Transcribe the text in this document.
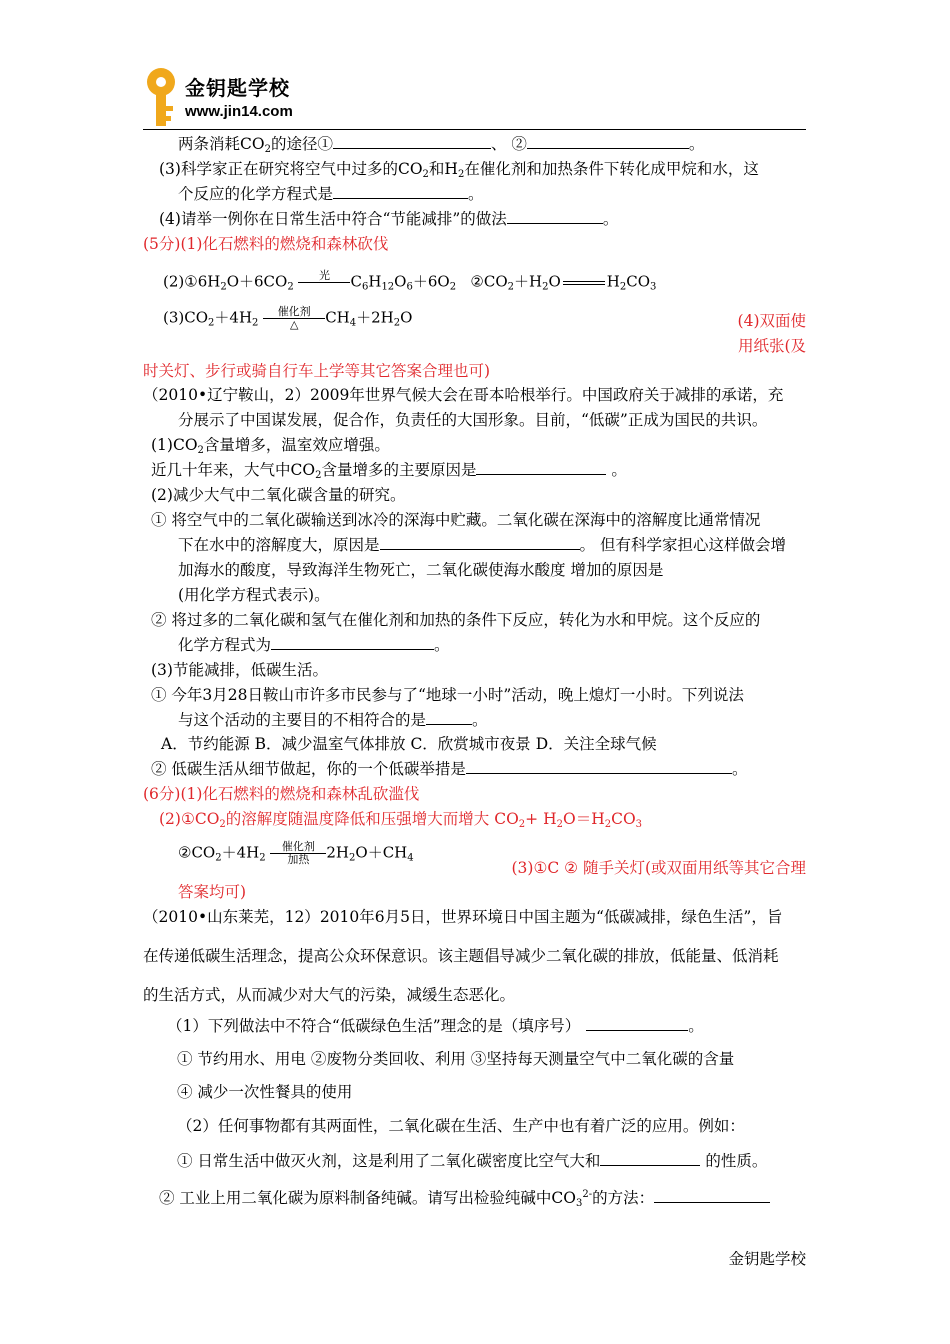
金钥匙学校
www.jin14.com
两条消耗$CO_2$的途径①	、 ②	。
(3)科学家正在研究将空气中过多的$CO_2$和$H_2$在催化剂和加热条件下转化成甲烷和水，这
个反应的化学方程式是	。
(4)请举一例你在日常生活中符合“节能减排”的做法	。
(5分)(1)化石燃料的燃烧和森林砍伐
$(2)①6H_2O+6CO_2$
光
	$C_6H_{12}O_6+6O_2$ $②CO_2+H_2O$	$H_2CO_3$
$(3)CO_2+4H_2 \frac{\text{催化剂}}{\triangle} CH_4+2H_2O$	(4)双面使
用纸张(及
时关灯、步行或骑自行车上学等其它答案合理也可)
（2010•辽宁鞍山，2）2009年世界气候大会在哥本哈根举行。中国政府关于减排的承诺，充
分展示了中国谋发展，促合作，负责任的大国形象。目前，“低碳”正成为国民的共识。
$(1)CO_2$含量增多，温室效应增强。
近几十年来，大气中$CO_2$含量增多的主要原因是	。
(2)减少大气中二氧化碳含量的研究。
① 将空气中的二氧化碳输送到冰冷的深海中贮藏。二氧化碳在深海中的溶解度比通常情况
下在水中的溶解度大，原因是	。 但有科学家担心这样做会增
加海水的酸度，导致海洋生物死亡，二氧化碳使海水酸度 增加的原因是
(用化学方程式表示)。
② 将过多的二氧化碳和氢气在催化剂和加热的条件下反应，转化为水和甲烷。这个反应的
化学方程式为	。
(3)节能减排，低碳生活。
① 今年3月28日鞍山市许多市民参与了“地球一小时”活动，晚上熄灯一小时。下列说法
与这个活动的主要目的不相符合的是	。
A．节约能源 B．减少温室气体排放 C．欣赏城市夜景 D．关注全球气候
② 低碳生活从细节做起，你的一个低碳举措是	。
(6分)(1)化石燃料的燃烧和森林乱砍滥伐
$(2)①CO_2$的溶解度随温度降低和压强增大而增大 $CO_2+ H_2O=H_2CO_3$
$②CO_2+4H_2 \frac{\text{催化剂}}{\text{加热}} 2H_2O+CH_4$
(3)①C ② 随手关灯(或双面用纸等其它合理
答案均可)
（2010•山东莱芜，12）2010年6月5日，世界环境日中国主题为“低碳减排，绿色生活”，旨
在传递低碳生活理念，提高公众环保意识。该主题倡导减少二氧化碳的排放，低能量、低消耗
的生活方式，从而减少对大气的污染，减缓生态恶化。
（1）下列做法中不符合“低碳绿色生活”理念的是（填序号）	。
① 节约用水、用电 ②废物分类回收、利用 ③坚持每天测量空气中二氧化碳的含量
④ 减少一次性餐具的使用
（2）任何事物都有其两面性，二氧化碳在生活、生产中也有着广泛的应用。例如：
① 日常生活中做灭火剂，这是利用了二氧化碳密度比空气大和	的性质。
② 工业上用二氧化碳为原料制备纯碱。请写出检验纯碱中$CO_3^{2-}$的方法：
金钥匙学校
